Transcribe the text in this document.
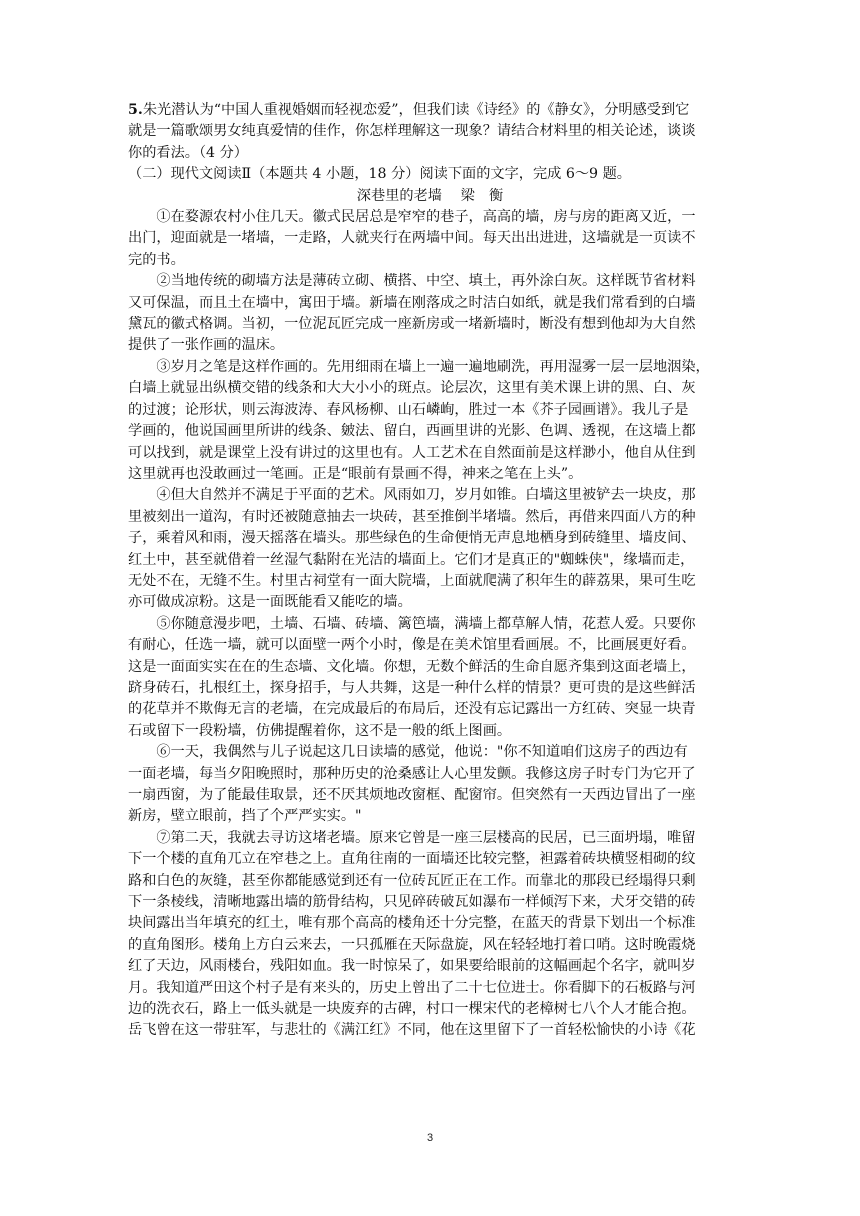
5.朱光潜认为“中国人重视婚姻而轻视恋爱”，但我们读《诗经》的《静女》，分明感受到它

就是一篇歌颂男女纯真爱情的佳作，你怎样理解这一现象？请结合材料里的相关论述，谈谈

你的看法。（4 分）

（二）现代文阅读Ⅱ（本题共 4 小题，18 分）阅读下面的文字，完成 6～9 题。

深巷里的老墙　 梁　衡

①在婺源农村小住几天。徽式民居总是窄窄的巷子，高高的墙，房与房的距离又近，一

出门，迎面就是一堵墙，一走路，人就夹行在两墙中间。每天出出进进，这墙就是一页读不

完的书。

②当地传统的砌墙方法是薄砖立砌、横搭、中空、填土，再外涂白灰。这样既节省材料

又可保温，而且土在墙中，寓田于墙。新墙在刚落成之时洁白如纸，就是我们常看到的白墙

黛瓦的徽式格调。当初，一位泥瓦匠完成一座新房或一堵新墙时，断没有想到他却为大自然

提供了一张作画的温床。

③岁月之笔是这样作画的。先用细雨在墙上一遍一遍地刷洗，再用湿雾一层一层地洇染，

白墙上就显出纵横交错的线条和大大小小的斑点。论层次，这里有美术课上讲的黑、白、灰

的过渡；论形状，则云海波涛、春风杨柳、山石嶙峋，胜过一本《芥子园画谱》。我儿子是

学画的，他说国画里所讲的线条、皴法、留白，西画里讲的光影、色调、透视，在这墙上都

可以找到，就是课堂上没有讲过的这里也有。人工艺术在自然面前是这样渺小，他自从住到

这里就再也没敢画过一笔画。正是“眼前有景画不得，神来之笔在上头”。

④但大自然并不满足于平面的艺术。风雨如刀，岁月如锥。白墙这里被铲去一块皮，那

里被刻出一道沟，有时还被随意抽去一块砖，甚至推倒半堵墙。然后，再借来四面八方的种

子，乘着风和雨，漫天摇落在墙头。那些绿色的生命便悄无声息地栖身到砖缝里、墙皮间、

红土中，甚至就借着一丝湿气黏附在光洁的墙面上。它们才是真正的"蜘蛛侠"，缘墙而走，

无处不在，无缝不生。村里古祠堂有一面大院墙，上面就爬满了积年生的薜荔果，果可生吃

亦可做成凉粉。这是一面既能看又能吃的墙。

⑤你随意漫步吧，土墙、石墙、砖墙、篱笆墙，满墙上都草解人情，花惹人爱。只要你

有耐心，任选一墙，就可以面壁一两个小时，像是在美术馆里看画展。不，比画展更好看。

这是一面面实实在在的生态墙、文化墙。你想，无数个鲜活的生命自愿齐集到这面老墙上，

跻身砖石，扎根红土，探身招手，与人共舞，这是一种什么样的情景？更可贵的是这些鲜活

的花草并不欺侮无言的老墙，在完成最后的布局后，还没有忘记露出一方红砖、突显一块青

石或留下一段粉墙，仿佛提醒着你，这不是一般的纸上图画。

⑥一天，我偶然与儿子说起这几日读墙的感觉，他说："你不知道咱们这房子的西边有

一面老墙，每当夕阳晚照时，那种历史的沧桑感让人心里发颤。我修这房子时专门为它开了

一扇西窗，为了能最佳取景，还不厌其烦地改窗框、配窗帘。但突然有一天西边冒出了一座

新房，壁立眼前，挡了个严严实实。"

⑦第二天，我就去寻访这堵老墙。原来它曾是一座三层楼高的民居，已三面坍塌，唯留

下一个楼的直角兀立在窄巷之上。直角往南的一面墙还比较完整，袒露着砖块横竖相砌的纹

路和白色的灰缝，甚至你都能感觉到还有一位砖瓦匠正在工作。而靠北的那段已经塌得只剩

下一条棱线，清晰地露出墙的筋骨结构，只见碎砖破瓦如瀑布一样倾泻下来，犬牙交错的砖

块间露出当年填充的红土，唯有那个高高的楼角还十分完整，在蓝天的背景下划出一个标准

的直角图形。楼角上方白云来去，一只孤雁在天际盘旋，风在轻轻地打着口哨。这时晚霞烧

红了天边，风雨楼台，残阳如血。我一时惊呆了，如果要给眼前的这幅画起个名字，就叫岁

月。我知道严田这个村子是有来头的，历史上曾出了二十七位进士。你看脚下的石板路与河

边的洗衣石，路上一低头就是一块废弃的古碑，村口一棵宋代的老樟树七八个人才能合抱。

岳飞曾在这一带驻军，与悲壮的《满江红》不同，他在这里留下了一首轻松愉快的小诗《花

3
